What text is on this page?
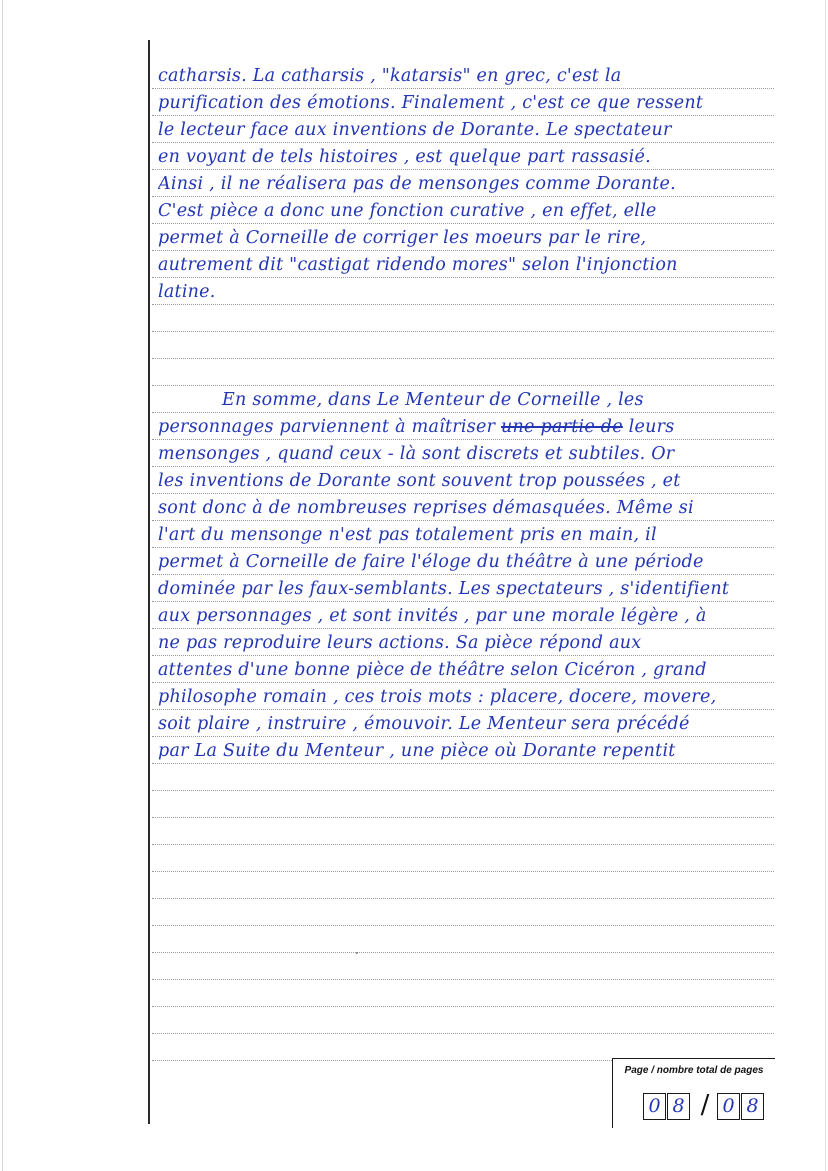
catharsis. La catharsis , "katarsis" en grec, c'est la
purification des émotions. Finalement , c'est ce que ressent
le lecteur face aux inventions de Dorante. Le spectateur
en voyant de tels histoires , est quelque part rassasié.
Ainsi , il ne réalisera pas de mensonges comme Dorante.
C'est pièce a donc une fonction curative , en effet, elle
permet à Corneille de corriger les moeurs par le rire,
autrement dit "castigat ridendo mores" selon l'injonction
latine.
En somme, dans Le Menteur de Corneille , les
personnages parviennent à maîtriser une partie de leurs
mensonges , quand ceux - là sont discrets et subtiles. Or
les inventions de Dorante sont souvent trop poussées , et
sont donc à de nombreuses reprises démasquées. Même si
l'art du mensonge n'est pas totalement pris en main, il
permet à Corneille de faire l'éloge du théâtre à une période
dominée par les faux-semblants. Les spectateurs , s'identifient
aux personnages , et sont invités , par une morale légère , à
ne pas reproduire leurs actions. Sa pièce répond aux
attentes d'une bonne pièce de théâtre selon Cicéron , grand
philosophe romain , ces trois mots : placere, docere, movere,
soit plaire , instruire , émouvoir. Le Menteur sera précédé
par La Suite du Menteur , une pièce où Dorante repentit
Page / nombre total de pages
0 8 / 0 8
